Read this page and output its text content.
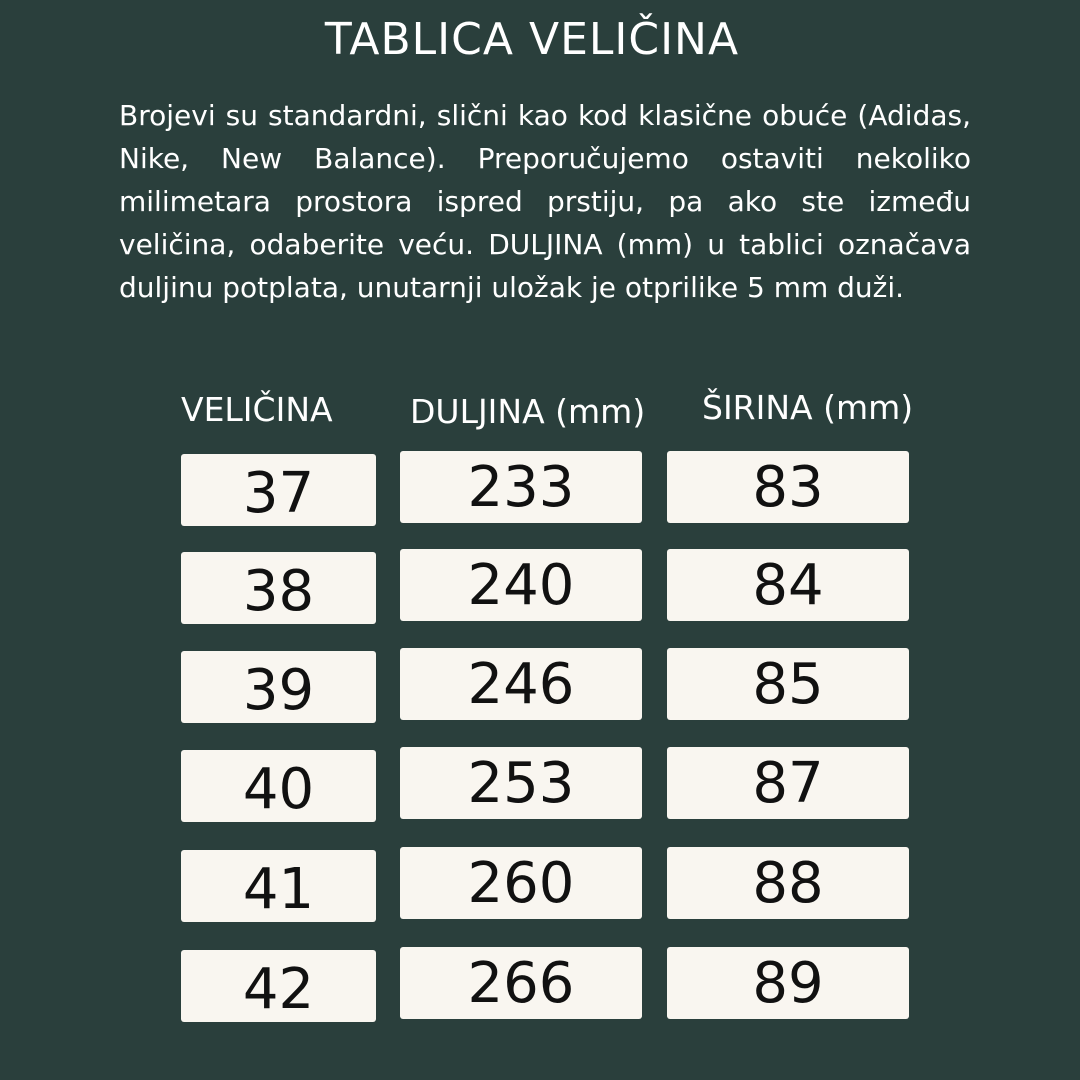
TABLICA VELIČINA

Brojevi su standardni, slični kao kod klasične obuće (Adidas, Nike, New Balance). Preporučujemo ostaviti nekoliko milimetara prostora ispred prstiju, pa ako ste između veličina, odaberite veću. DULJINA (mm) u tablici označava duljinu potplata, unutarnji uložak je otprilike 5 mm duži.

VELIČINA DULJINA (mm) ŠIRINA (mm)
37	233	83
38	240	84
39	246	85
40	253	87
41	260	88
42	266	89
